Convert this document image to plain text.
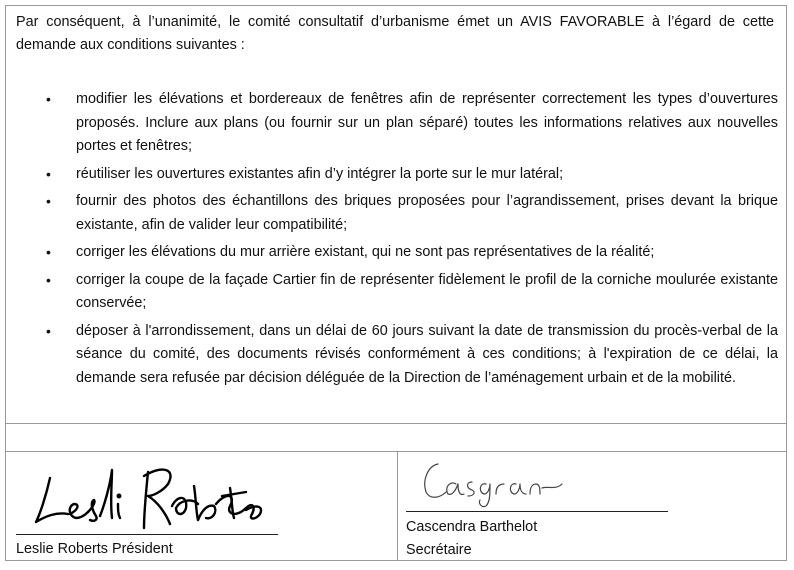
Par conséquent, à l’unanimité, le comité consultatif d’urbanisme émet un AVIS FAVORABLE à l’égard de cette demande aux conditions suivantes :

• modifier les élévations et bordereaux de fenêtres afin de représenter correctement les types d’ouvertures proposés. Inclure aux plans (ou fournir sur un plan séparé) toutes les informations relatives aux nouvelles portes et fenêtres;
• réutiliser les ouvertures existantes afin d’y intégrer la porte sur le mur latéral;
• fournir des photos des échantillons des briques proposées pour l’agrandissement, prises devant la brique existante, afin de valider leur compatibilité;
• corriger les élévations du mur arrière existant, qui ne sont pas représentatives de la réalité;
• corriger la coupe de la façade Cartier fin de représenter fidèlement le profil de la corniche moulurée existante conservée;
• déposer à l'arrondissement, dans un délai de 60 jours suivant la date de transmission du procès-verbal de la séance du comité, des documents révisés conformément à ces conditions; à l'expiration de ce délai, la demande sera refusée par décision déléguée de la Direction de l’aménagement urbain et de la mobilité.
Leslie Roberts Président
Cascendra Barthelot
Secrétaire
